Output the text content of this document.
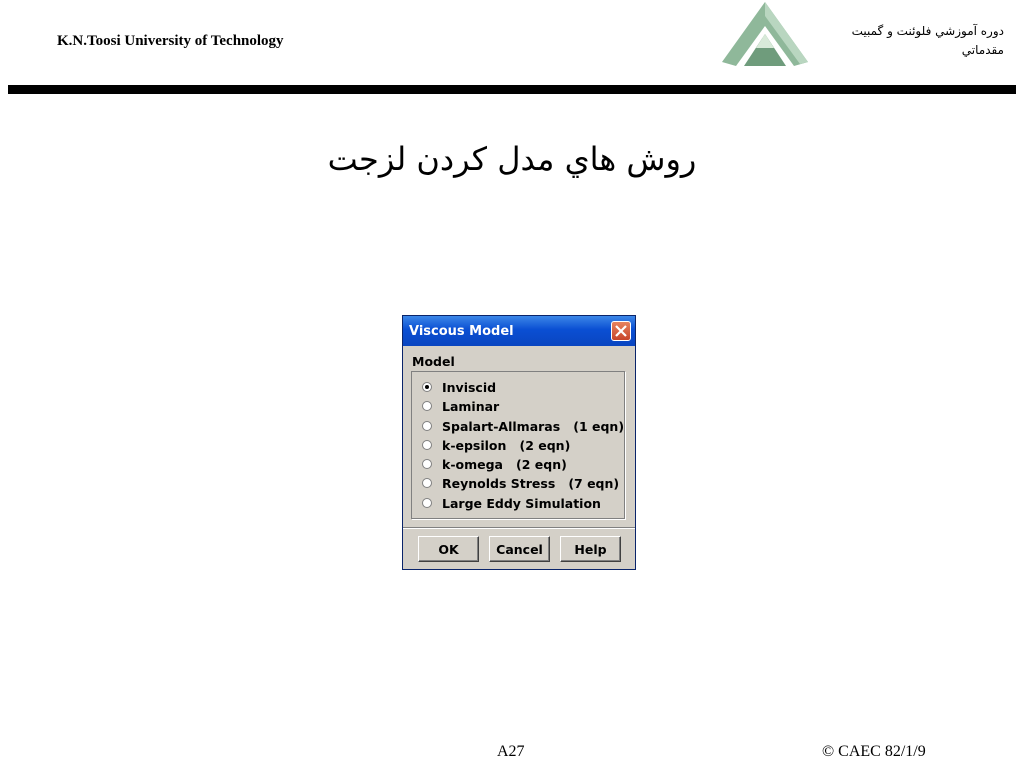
K.N.Toosi University of Technology
دوره آموزشي فلوئنت و گمبيت
مقدماتي
روش هاي مدل كردن لزجت
Viscous Model
Model
Inviscid
Laminar
Spalart-Allmaras   (1 eqn)
k-epsilon   (2 eqn)
k-omega   (2 eqn)
Reynolds Stress   (7 eqn)
Large Eddy Simulation
OK	Cancel	Help
A27	© CAEC 82/1/9
